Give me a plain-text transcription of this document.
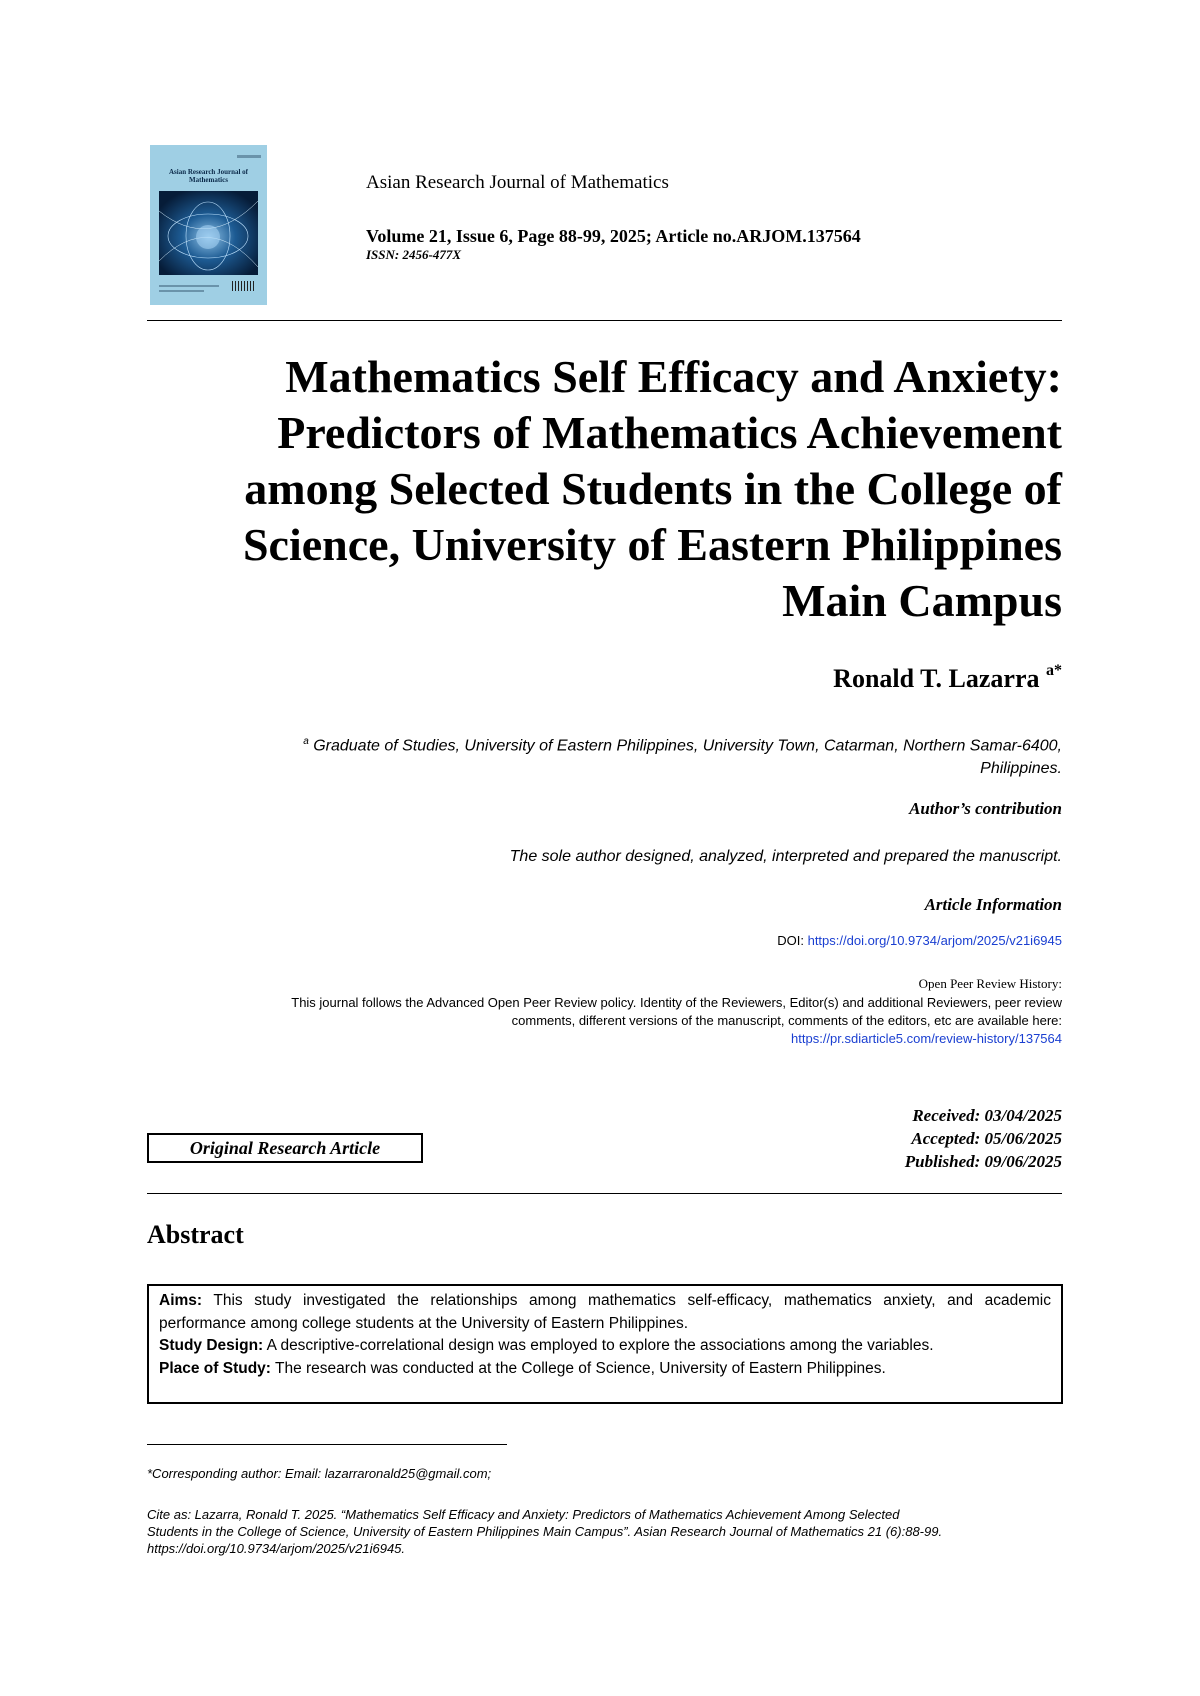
Asian Research Journal of
Mathematics	Asian Research Journal of Mathematics
Volume 21, Issue 6, Page 88-99, 2025; Article no.ARJOM.137564
ISSN: 2456-477X
Mathematics Self Efficacy and Anxiety:
Predictors of Mathematics Achievement
among Selected Students in the College of
Science, University of Eastern Philippines
Main Campus
Ronald T. Lazarra $^{a*}$
$^a$ Graduate of Studies, University of Eastern Philippines, University Town, Catarman, Northern Samar-6400,
Philippines.
Author’s contribution
The sole author designed, analyzed, interpreted and prepared the manuscript.
Article Information
DOI: https://doi.org/10.9734/arjom/2025/v21i6945
Open Peer Review History:
This journal follows the Advanced Open Peer Review policy. Identity of the Reviewers, Editor(s) and additional Reviewers, peer review
comments, different versions of the manuscript, comments of the editors, etc are available here:
https://pr.sdiarticle5.com/review-history/137564
Received: 03/04/2025
Accepted: 05/06/2025
Published: 09/06/2025
Original Research Article
Abstract
Aims: This study investigated the relationships among mathematics self-efficacy, mathematics anxiety, and academic performance among college students at the University of Eastern Philippines.
Study Design: A descriptive-correlational design was employed to explore the associations among the variables.
Place of Study: The research was conducted at the College of Science, University of Eastern Philippines.
*Corresponding author: Email: lazarraronald25@gmail.com;
Cite as: Lazarra, Ronald T. 2025. “Mathematics Self Efficacy and Anxiety: Predictors of Mathematics Achievement Among Selected
Students in the College of Science, University of Eastern Philippines Main Campus”. Asian Research Journal of Mathematics 21 (6):88-99.
https://doi.org/10.9734/arjom/2025/v21i6945.
